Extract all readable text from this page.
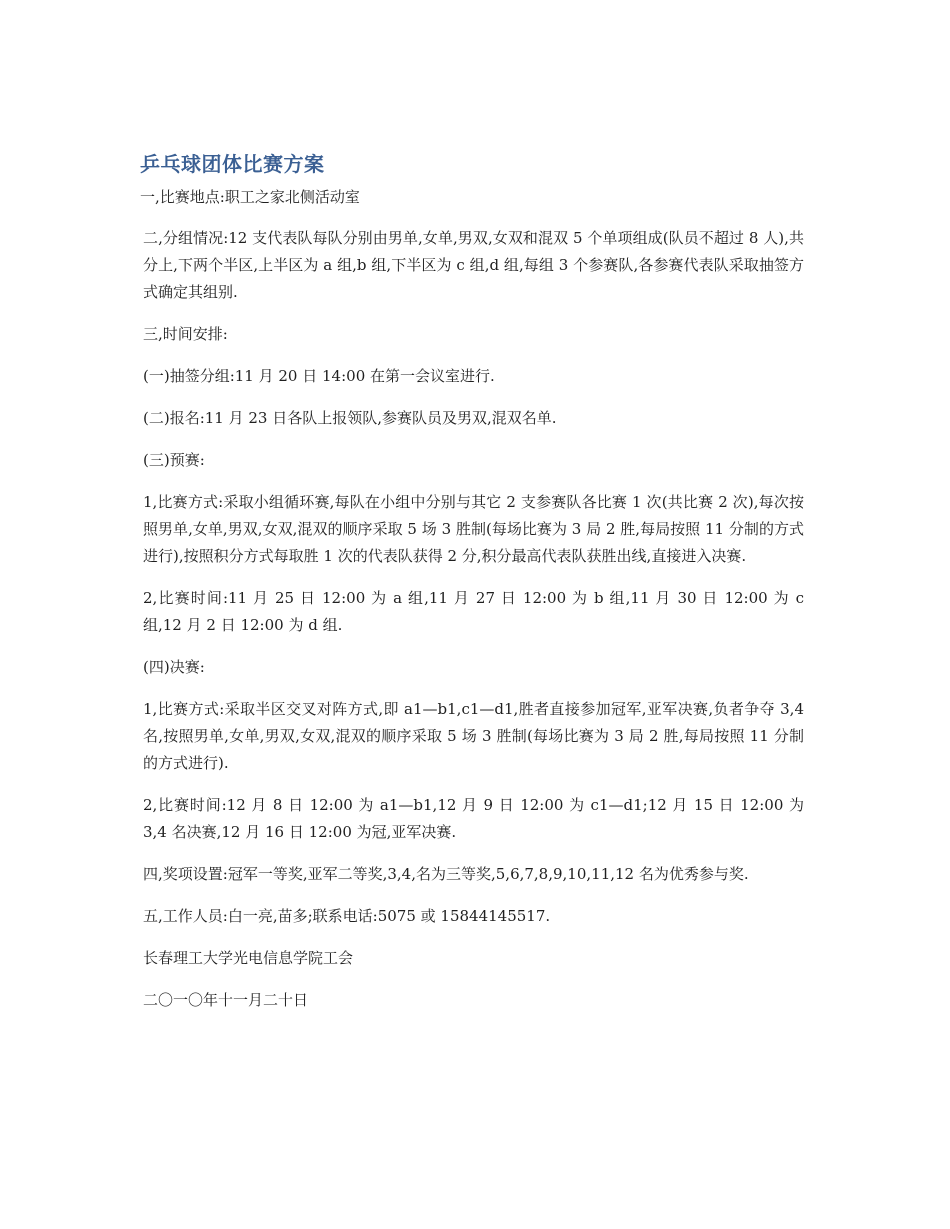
乒乓球团体比赛方案

一,比赛地点:职工之家北侧活动室

二,分组情况:12 支代表队每队分别由男单,女单,男双,女双和混双 5 个单项组成(队员不超过 8 人),共分上,下两个半区,上半区为 a 组,b 组,下半区为 c 组,d 组,每组 3 个参赛队,各参赛代表队采取抽签方式确定其组别.

三,时间安排:

(一)抽签分组:11 月 20 日 14:00 在第一会议室进行.

(二)报名:11 月 23 日各队上报领队,参赛队员及男双,混双名单.

(三)预赛:

1,比赛方式:采取小组循环赛,每队在小组中分别与其它 2 支参赛队各比赛 1 次(共比赛 2 次),每次按照男单,女单,男双,女双,混双的顺序采取 5 场 3 胜制(每场比赛为 3 局 2 胜,每局按照 11 分制的方式进行),按照积分方式每取胜 1 次的代表队获得 2 分,积分最高代表队获胜出线,直接进入决赛.

2,比赛时间:11 月 25 日 12:00 为 a 组,11 月 27 日 12:00 为 b 组,11 月 30 日 12:00 为 c 组,12 月 2 日 12:00 为 d 组.

(四)决赛:

1,比赛方式:采取半区交叉对阵方式,即 a1—b1,c1—d1,胜者直接参加冠军,亚军决赛,负者争夺 3,4 名,按照男单,女单,男双,女双,混双的顺序采取 5 场 3 胜制(每场比赛为 3 局 2 胜,每局按照 11 分制的方式进行).

2,比赛时间:12 月 8 日 12:00 为 a1—b1,12 月 9 日 12:00 为 c1—d1;12 月 15 日 12:00 为 3,4 名决赛,12 月 16 日 12:00 为冠,亚军决赛.

四,奖项设置:冠军一等奖,亚军二等奖,3,4,名为三等奖,5,6,7,8,9,10,11,12 名为优秀参与奖.

五,工作人员:白一亮,苗多;联系电话:5075 或 15844145517.

长春理工大学光电信息学院工会

二〇一〇年十一月二十日
